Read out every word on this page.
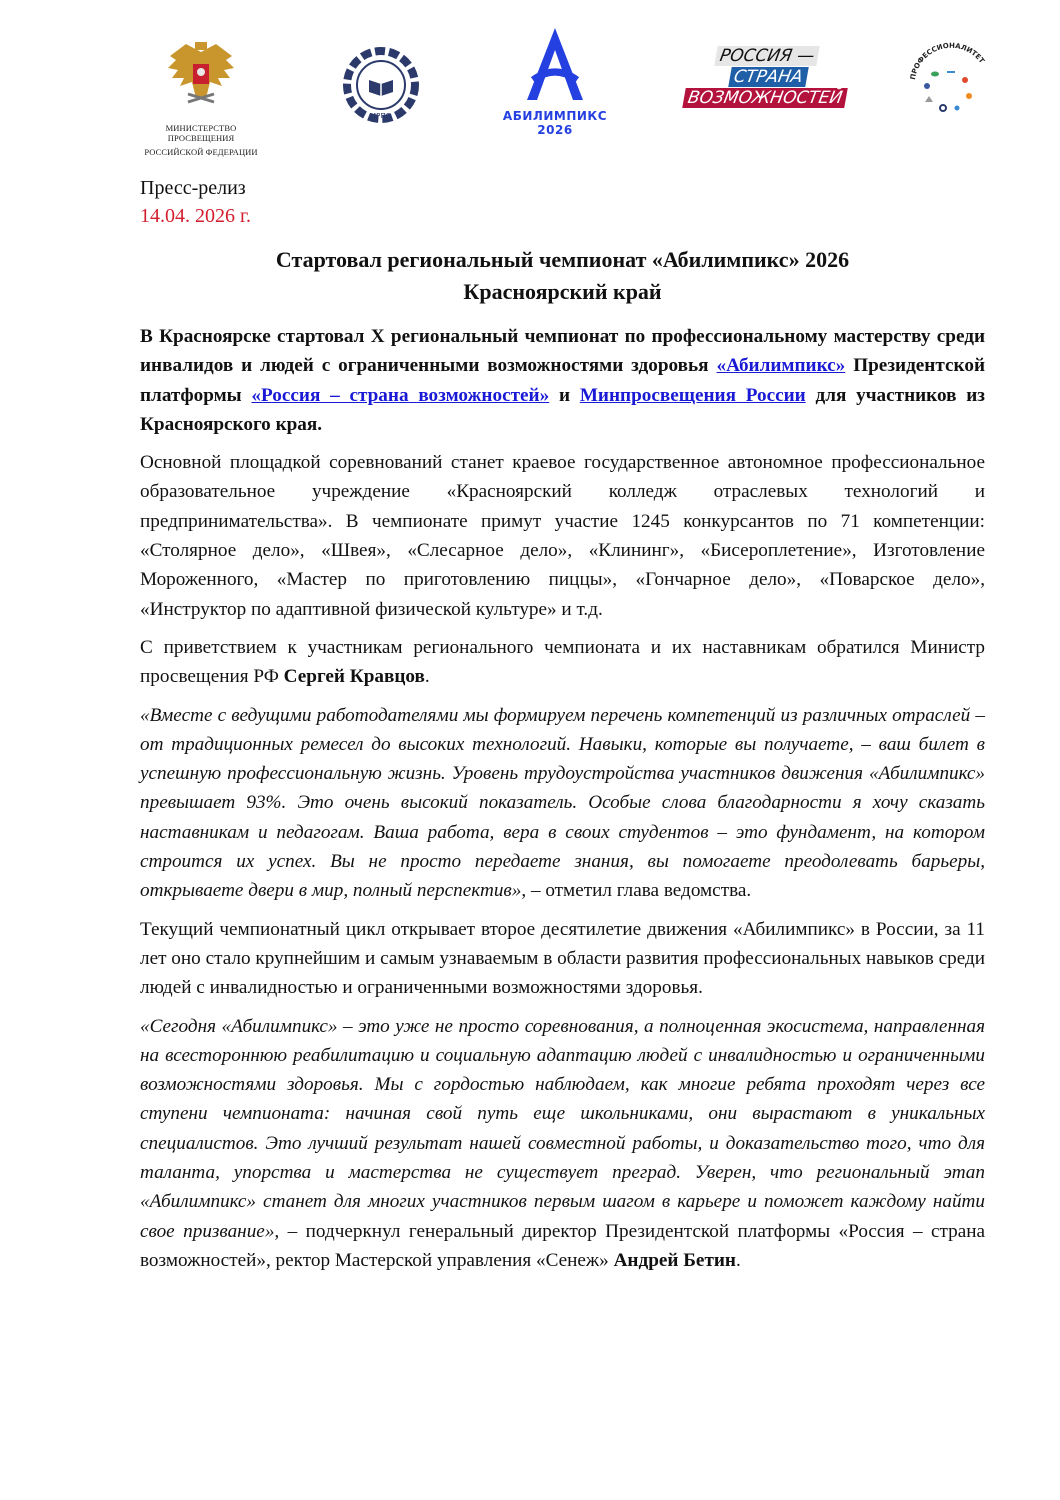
МИНИСТЕРСТВО ПРОСВЕЩЕНИЯ
РОССИЙСКОЙ ФЕДЕРАЦИИ
ИРПО	АБИЛИМПИКС
2026
РОССИЯ —
СТРАНА
ВОЗМОЖНОСТЕЙ
ПРОФЕССИОНАЛИТЕТ
Пресс-релиз
14.04. 2026 г.
Стартовал региональный чемпионат «Абилимпикс» 2026
Красноярский край

В Красноярске стартовал X региональный чемпионат по профессиональному мастерству среди инвалидов и людей с ограниченными возможностями здоровья «Абилимпикс» Президентской платформы «Россия – страна возможностей» и Минпросвещения России для участников из Красноярского края.

Основной площадкой соревнований станет краевое государственное автономное профессиональное образовательное учреждение «Красноярский колледж отраслевых технологий и предпринимательства». В чемпионате примут участие 1245 конкурсантов по 71 компетенции: «Столярное дело», «Швея», «Слесарное дело», «Клининг», «Бисероплетение», Изготовление Мороженного, «Мастер по приготовлению пиццы», «Гончарное дело», «Поварское дело», «Инструктор по адаптивной физической культуре» и т.д.

С приветствием к участникам регионального чемпионата и их наставникам обратился Министр просвещения РФ Сергей Кравцов.

«Вместе с ведущими работодателями мы формируем перечень компетенций из различных отраслей – от традиционных ремесел до высоких технологий. Навыки, которые вы получаете, – ваш билет в успешную профессиональную жизнь. Уровень трудоустройства участников движения «Абилимпикс» превышает 93%. Это очень высокий показатель. Особые слова благодарности я хочу сказать наставникам и педагогам. Ваша работа, вера в своих студентов – это фундамент, на котором строится их успех. Вы не просто передаете знания, вы помогаете преодолевать барьеры, открываете двери в мир, полный перспектив», – отметил глава ведомства.

Текущий чемпионатный цикл открывает второе десятилетие движения «Абилимпикс» в России, за 11 лет оно стало крупнейшим и самым узнаваемым в области развития профессиональных навыков среди людей с инвалидностью и ограниченными возможностями здоровья.

«Сегодня «Абилимпикс» – это уже не просто соревнования, а полноценная экосистема, направленная на всестороннюю реабилитацию и социальную адаптацию людей с инвалидностью и ограниченными возможностями здоровья. Мы с гордостью наблюдаем, как многие ребята проходят через все ступени чемпионата: начиная свой путь еще школьниками, они вырастают в уникальных специалистов. Это лучший результат нашей совместной работы, и доказательство того, что для таланта, упорства и мастерства не существует преград. Уверен, что региональный этап «Абилимпикс» станет для многих участников первым шагом в карьере и поможет каждому найти свое призвание», – подчеркнул генеральный директор Президентской платформы «Россия – страна возможностей», ректор Мастерской управления «Сенеж» Андрей Бетин.
